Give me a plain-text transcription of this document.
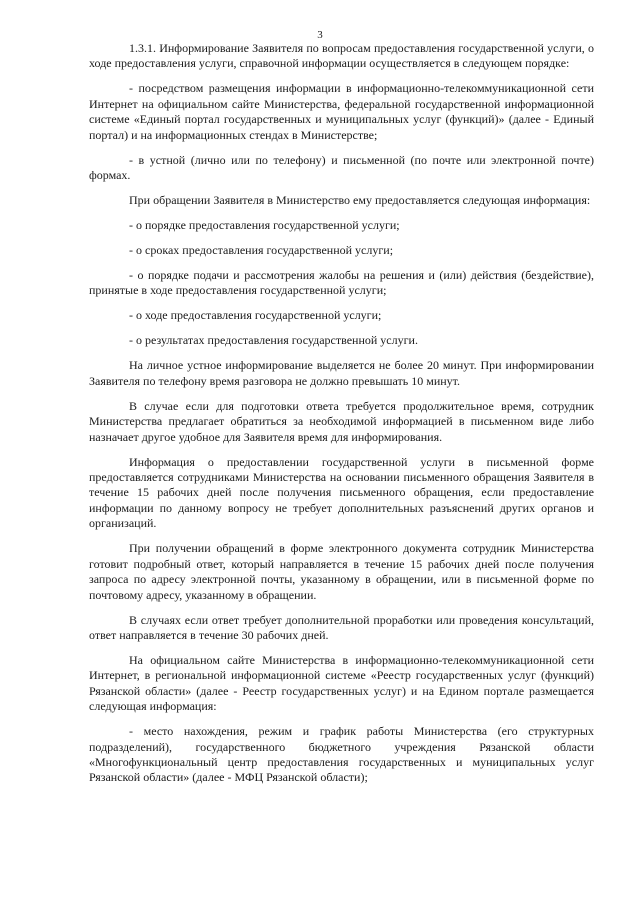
3

1.3.1. Информирование Заявителя по вопросам предоставления государственной услуги, о ходе предоставления услуги, справочной информации осуществляется в следующем порядке:

- посредством размещения информации в информационно-телекоммуникационной сети Интернет на официальном сайте Министерства, федеральной государственной информационной системе «Единый портал государственных и муниципальных услуг (функций)» (далее - Единый портал) и на информационных стендах в Министерстве;

- в устной (лично или по телефону) и письменной (по почте или электронной почте) формах.

При обращении Заявителя в Министерство ему предоставляется следующая информация:

- о порядке предоставления государственной услуги;

- о сроках предоставления государственной услуги;

- о порядке подачи и рассмотрения жалобы на решения и (или) действия (бездействие), принятые в ходе предоставления государственной услуги;

- о ходе предоставления государственной услуги;

- о результатах предоставления государственной услуги.

На личное устное информирование выделяется не более 20 минут. При информировании Заявителя по телефону время разговора не должно превышать 10 минут.

В случае если для подготовки ответа требуется продолжительное время, сотрудник Министерства предлагает обратиться за необходимой информацией в письменном виде либо назначает другое удобное для Заявителя время для информирования.

Информация о предоставлении государственной услуги в письменной форме предоставляется сотрудниками Министерства на основании письменного обращения Заявителя в течение 15 рабочих дней после получения письменного обращения, если предоставление информации по данному вопросу не требует дополнительных разъяснений других органов и организаций.

При получении обращений в форме электронного документа сотрудник Министерства готовит подробный ответ, который направляется в течение 15 рабочих дней после получения запроса по адресу электронной почты, указанному в обращении, или в письменной форме по почтовому адресу, указанному в обращении.

В случаях если ответ требует дополнительной проработки или проведения консультаций, ответ направляется в течение 30 рабочих дней.

На официальном сайте Министерства в информационно-телекоммуникационной сети Интернет, в региональной информационной системе «Реестр государственных услуг (функций) Рязанской области» (далее - Реестр государственных услуг) и на Едином портале размещается следующая информация:

- место нахождения, режим и график работы Министерства (его структурных подразделений), государственного бюджетного учреждения Рязанской области «Многофункциональный центр предоставления государственных и муниципальных услуг Рязанской области» (далее - МФЦ Рязанской области);
